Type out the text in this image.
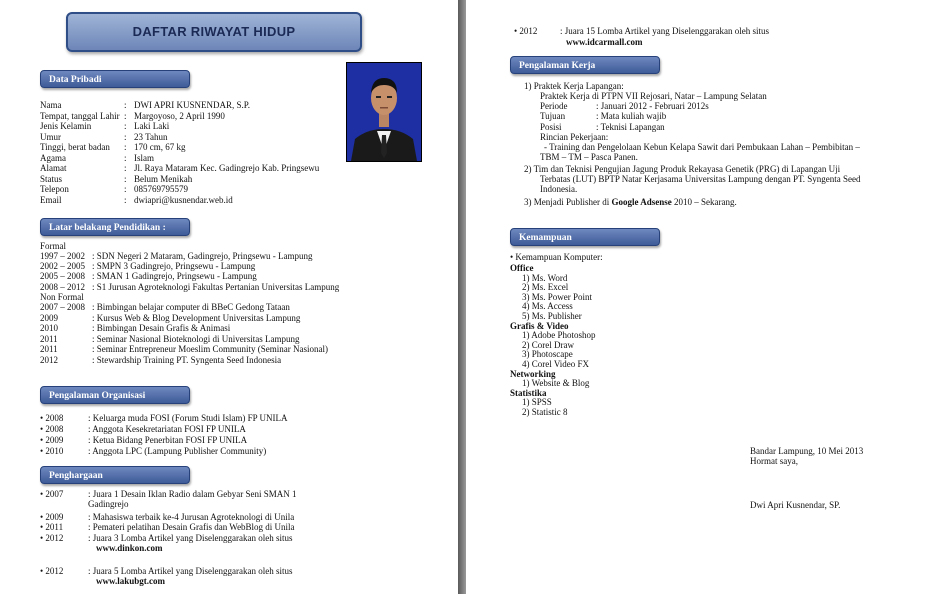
DAFTAR RIWAYAT HIDUP
Data Pribadi
Nama	: DWI APRI KUSNENDAR, S.P.
Tempat, tanggal Lahir : Margoyoso, 2 April 1990
Jenis Kelamin	: Laki Laki
Umur	: 23 Tahun
Tinggi, berat badan : 170 cm, 67 kg
Agama	: Islam
Alamat	: Jl. Raya Mataram Kec. Gadingrejo Kab. Pringsewu
Status	: Belum Menikah
Telepon	: 085769795579
Email	: dwiapri@kusnendar.web.id
Latar belakang Pendidikan :
Formal
1997 – 2002 : SDN Negeri 2 Mataram, Gadingrejo, Pringsewu - Lampung
2002 – 2005 : SMPN 3 Gadingrejo, Pringsewu - Lampung
2005 – 2008 : SMAN 1 Gadingrejo, Pringsewu - Lampung
2008 – 2012 : S1 Jurusan Agroteknologi Fakultas Pertanian Universitas Lampung
Non Formal
2007 – 2008 : Bimbingan belajar computer di BBeC Gedong Tataan
2009	: Kursus Web & Blog Development Universitas Lampung
2010	: Bimbingan Desain Grafis & Animasi
2011	: Seminar Nasional Bioteknologi di Universitas Lampung
2011	: Seminar Entrepreneur Moeslim Community (Seminar Nasional)
2012	: Stewardship Training PT. Syngenta Seed Indonesia
Pengalaman Organisasi
• 2008	: Keluarga muda FOSI (Forum Studi Islam) FP UNILA
• 2008	: Anggota Kesekretariatan FOSI FP UNILA
• 2009	: Ketua Bidang Penerbitan FOSI FP UNILA
• 2010	: Anggota LPC (Lampung Publisher Community)
Penghargaan
• 2007	: Juara 1 Desain Iklan Radio dalam Gebyar Seni SMAN 1
Gadingrejo
• 2009	: Mahasiswa terbaik ke-4 Jurusan Agroteknologi di Unila
• 2011	: Pemateri pelatihan Desain Grafis dan WebBlog di Unila
• 2012	: Juara 3 Lomba Artikel yang Diselenggarakan oleh situs
www.dinkon.com
• 2012	: Juara 5 Lomba Artikel yang Diselenggarakan oleh situs
www.lakubgt.com
• 2012	: Juara 15 Lomba Artikel yang Diselenggarakan oleh situs
www.idcarmall.com
Pengalaman Kerja
1) Praktek Kerja Lapangan:
Praktek Kerja di PTPN VII Rejosari, Natar – Lampung Selatan
Periode	: Januari 2012 - Februari 2012s
Tujuan	: Mata kuliah wajib
Posisi	: Teknisi Lapangan
Rincian Pekerjaan:
- Training dan Pengelolaan Kebun Kelapa Sawit dari Pembukaan Lahan – Pembibitan –
TBM – TM – Pasca Panen.
2) Tim dan Teknisi Pengujian Jagung Produk Rekayasa Genetik (PRG) di Lapangan Uji
Terbatas (LUT) BPTP Natar Kerjasama Universitas Lampung dengan PT. Syngenta Seed
Indonesia.
3) Menjadi Publisher di Google Adsense 2010 – Sekarang.
Kemampuan
• Kemampuan Komputer:
Office
1) Ms. Word
2) Ms. Excel
3) Ms. Power Point
4) Ms. Access
5) Ms. Publisher
Grafis & Video
1) Adobe Photoshop
2) Corel Draw
3) Photoscape
4) Corel Video FX
Networking
1) Website & Blog
Statistika
1) SPSS
2) Statistic 8
Bandar Lampung, 10 Mei 2013
Hormat saya,
Dwi Apri Kusnendar, SP.
